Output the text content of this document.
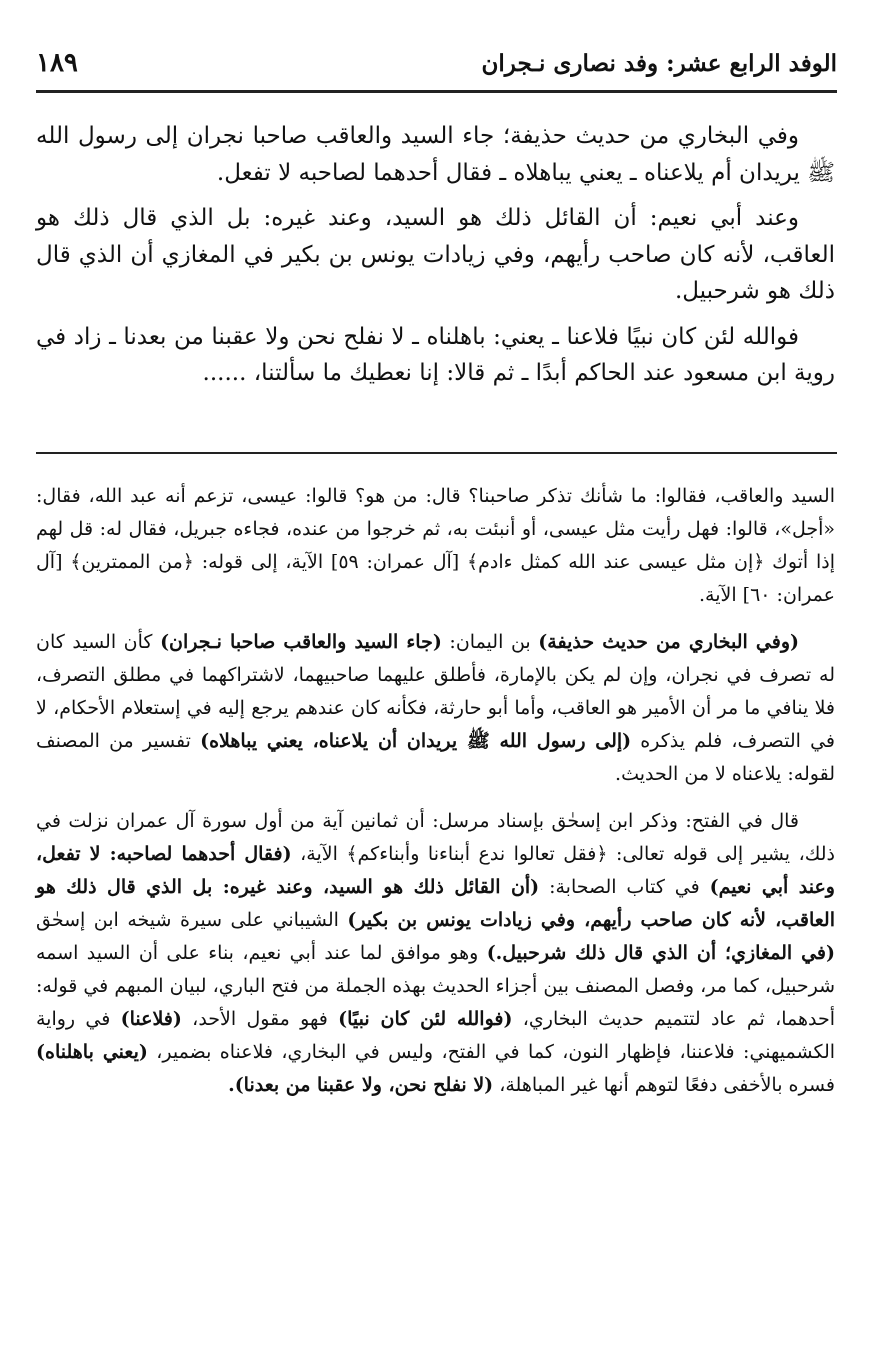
الوفد الرابع عشر: وفد نصارى نـجران
١٨٩

وفي البخاري من حديث حذيفة؛ جاء السيد والعاقب صاحبا نجران إلى رسول الله ﷺ يريدان أم يلاعناه ـ يعني يباهلاه ـ فقال أحدهما لصاحبه لا تفعل.

وعند أبي نعيم: أن القائل ذلك هو السيد، وعند غيره: بل الذي قال ذلك هو العاقب، لأنه كان صاحب رأيهم، وفي زيادات يونس بن بكير في المغازي أن الذي قال ذلك هو شرحبيل.

فوالله لئن كان نبيًا فلاعنا ـ يعني: باهلناه ـ لا نفلح نحن ولا عقبنا من بعدنا ـ زاد في روية ابن مسعود عند الحاكم أبدًا ـ ثم قالا: إنا نعطيك ما سألتنا، ......

السيد والعاقب، فقالوا: ما شأنك تذكر صاحبنا؟ قال: من هو؟ قالوا: عيسى، تزعم أنه عبد الله، فقال: «أجل»، قالوا: فهل رأيت مثل عيسى، أو أنبئت به، ثم خرجوا من عنده، فجاءه جبريل، فقال له: قل لهم إذا أتوك ﴿إن مثل عيسى عند الله كمثل ءادم﴾ [آل عمران: ٥٩] الآية، إلى قوله: ﴿من الممترين﴾ [آل عمران: ٦٠] الآية.

(وفي البخاري من حديث حذيفة) بن اليمان: (جاء السيد والعاقب صاحبا نـجران) كأن السيد كان له تصرف في نجران، وإن لم يكن بالإمارة، فأطلق عليهما صاحبيهما، لاشتراكهما في مطلق التصرف، فلا ينافي ما مر أن الأمير هو العاقب، وأما أبو حارثة، فكأنه كان عندهم يرجع إليه في إستعلام الأحكام، لا في التصرف، فلم يذكره (إلى رسول الله ﷺ يريدان أن يلاعناه، يعني يباهلاه) تفسير من المصنف لقوله: يلاعناه لا من الحديث.

قال في الفتح: وذكر ابن إسحٰق بإسناد مرسل: أن ثمانين آية من أول سورة آل عمران نزلت في ذلك، يشير إلى قوله تعالى: ﴿فقل تعالوا ندع أبناءنا وأبناءكم﴾ الآية، (فقال أحدهما لصاحبه: لا تفعل، وعند أبي نعيم) في كتاب الصحابة: (أن القائل ذلك هو السيد، وعند غيره: بل الذي قال ذلك هو العاقب، لأنه كان صاحب رأيهم، وفي زيادات يونس بن بكير) الشيباني على سيرة شيخه ابن إسحٰق (في المغازي؛ أن الذي قال ذلك شرحبيل.) وهو موافق لما عند أبي نعيم، بناء على أن السيد اسمه شرحبيل، كما مر، وفصل المصنف بين أجزاء الحديث بهذه الجملة من فتح الباري، لبيان المبهم في قوله: أحدهما، ثم عاد لتتميم حديث البخاري، (فوالله لئن كان نبيًا) فهو مقول الأحد، (فلاعنا) في رواية الكشميهني: فلاعننا، فإظهار النون، كما في الفتح، وليس في البخاري، فلاعناه بضمير، (يعني باهلناه) فسره بالأخفى دفعًا لتوهم أنها غير المباهلة، (لا نفلح نحن، ولا عقبنا من بعدنا).
